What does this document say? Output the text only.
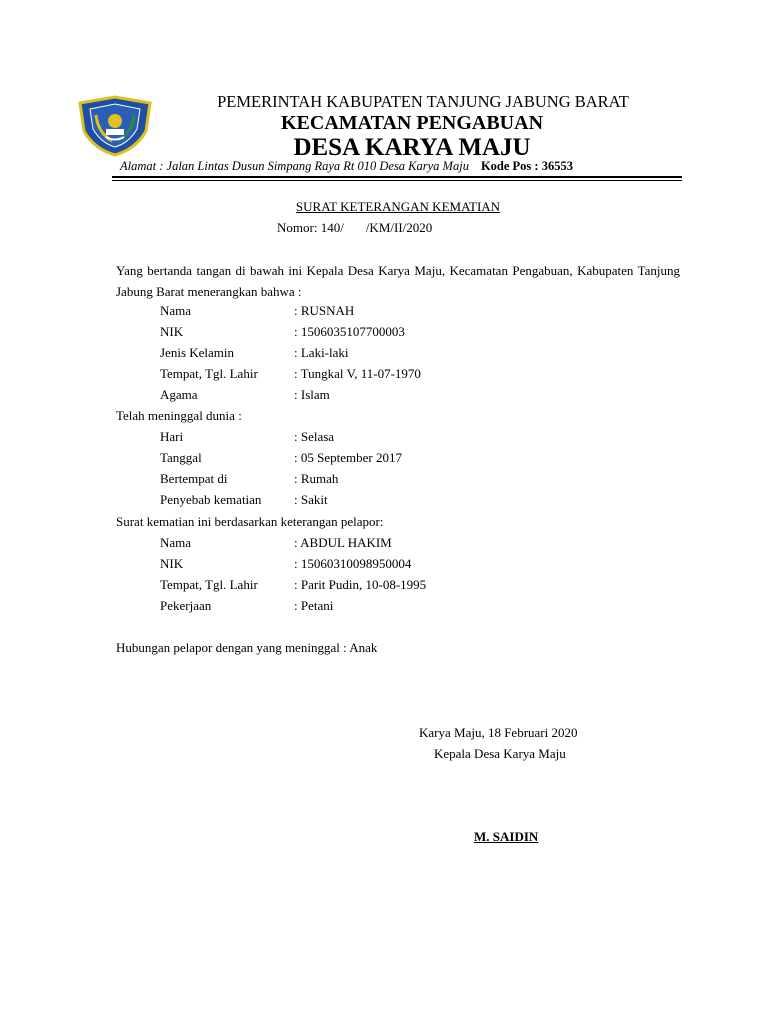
PEMERINTAH KABUPATEN TANJUNG JABUNG BARAT
KECAMATAN PENGABUAN
DESA KARYA MAJU
Alamat : Jalan Lintas Dusun Simpang Raya Rt 010 Desa Karya Maju Kode Pos : 36553
SURAT KETERANGAN KEMATIAN
Nomor: 140/ /KM/II/2020
Yang bertanda tangan di bawah ini Kepala Desa Karya Maju, Kecamatan Pengabuan, Kabupaten Tanjung Jabung Barat menerangkan bahwa :
Nama	: RUSNAH
NIK	: 1506035107700003
Jenis Kelamin	: Laki-laki
Tempat, Tgl. Lahir	: Tungkal V, 11-07-1970
Agama	: Islam
Telah meninggal dunia :
Hari	: Selasa
Tanggal	: 05 September 2017
Bertempat di	: Rumah
Penyebab kematian	: Sakit
Surat kematian ini berdasarkan keterangan pelapor:
Nama	: ABDUL HAKIM
NIK	: 15060310098950004
Tempat, Tgl. Lahir	: Parit Pudin, 10-08-1995
Pekerjaan	: Petani
Hubungan pelapor dengan yang meninggal : Anak
Karya Maju, 18 Februari 2020
Kepala Desa Karya Maju
M. SAIDIN
